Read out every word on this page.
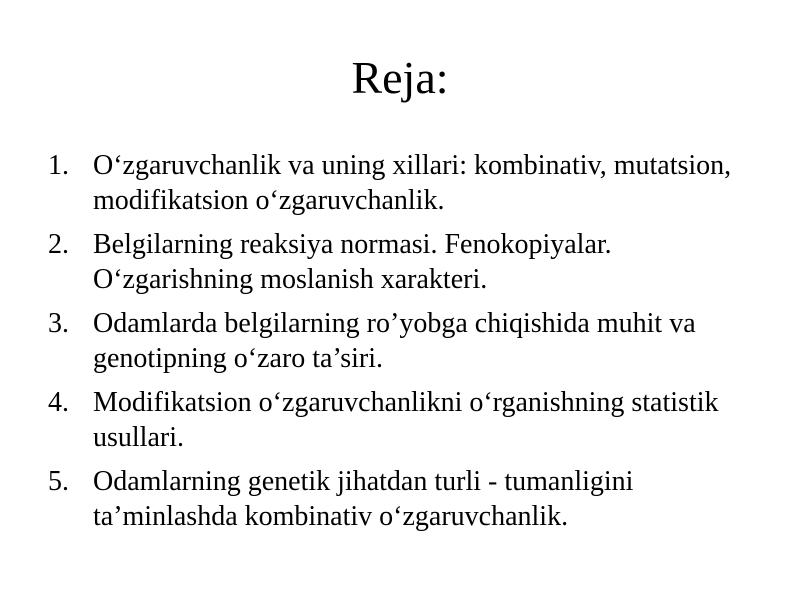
Reja:
1. O‘zgaruvchanlik va uning xillari: kombinativ, mutatsion, modifikatsion o‘zgaruvchanlik.
2. Belgilarning reaksiya normasi. Fenokopiyalar. O‘zgarishning moslanish xarakteri.
3. Odamlarda belgilarning ro’yobga chiqishida muhit va genotipning o‘zaro ta’siri.
4. Modifikatsion o‘zgaruvchanlikni o‘rganishning statistik usullari.
5. Odamlarning genetik jihatdan turli - tumanligini ta’minlashda kombinativ o‘zgaruvchanlik.
